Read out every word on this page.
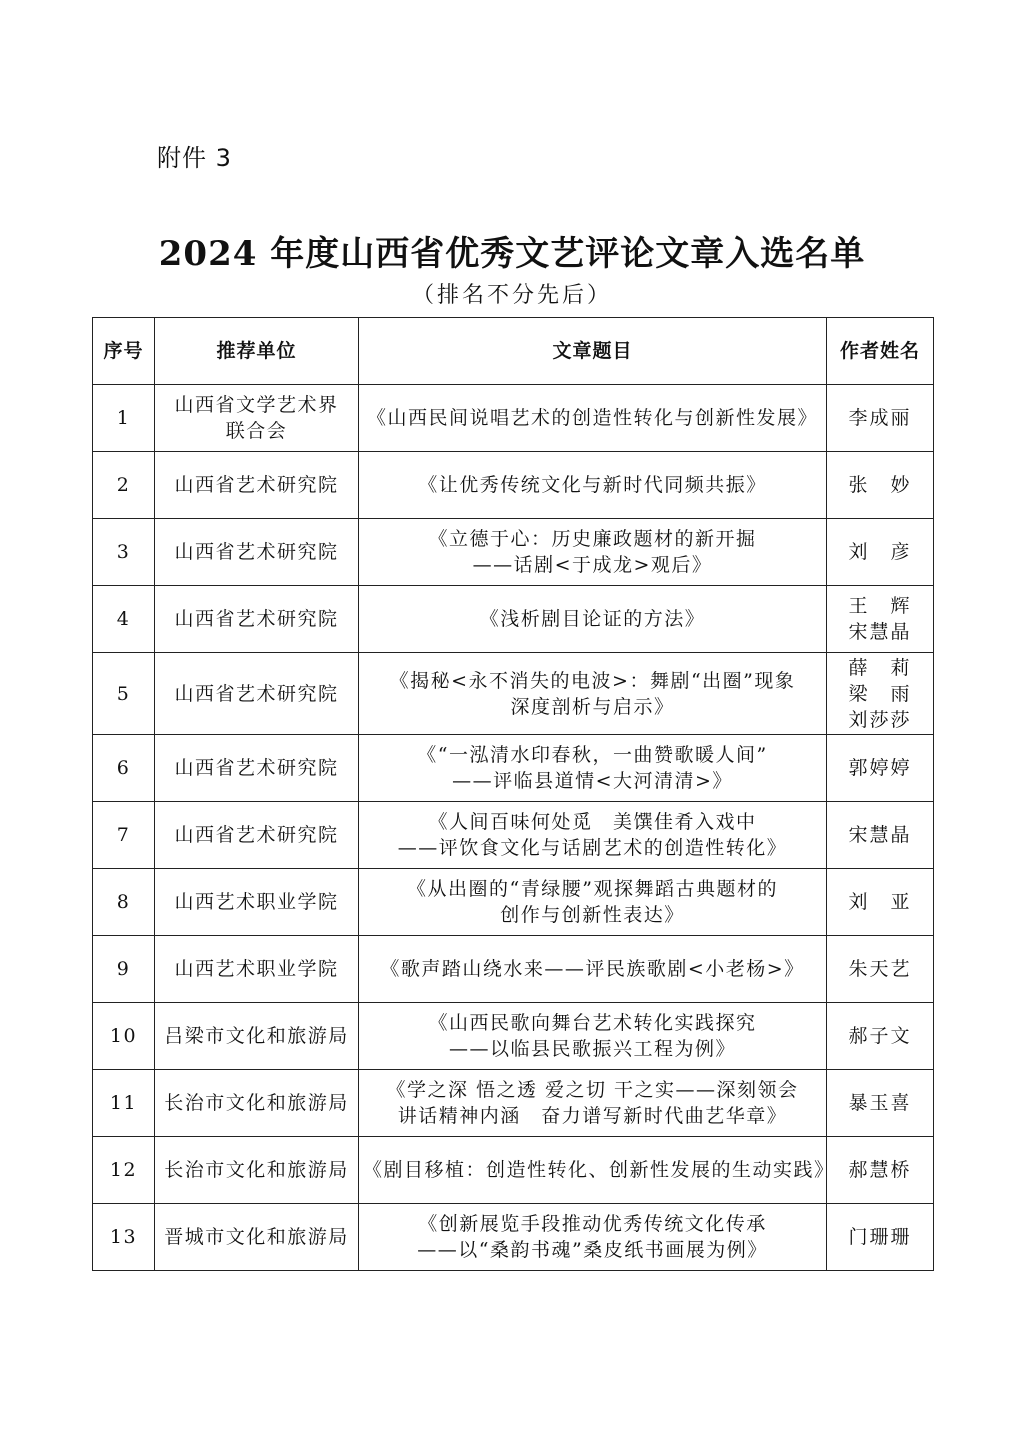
附件 3
2024 年度山西省优秀文艺评论文章入选名单
（排名不分先后）
序号	推荐单位	文章题目	作者姓名
1	山西省文学艺术界
联合会	《山西民间说唱艺术的创造性转化与创新性发展》	李成丽

2	山西省艺术研究院	《让优秀传统文化与新时代同频共振》	张　妙

3	山西省艺术研究院	《立德于心：历史廉政题材的新开掘
——话剧<于成龙>观后》	刘　彦

4	山西省艺术研究院	《浅析剧目论证的方法》	王　辉
宋慧晶

5	山西省艺术研究院	《揭秘<永不消失的电波>：舞剧“出圈”现象
深度剖析与启示》	薛　莉
梁　雨
刘莎莎

6	山西省艺术研究院	《“一泓清水印春秋，一曲赞歌暖人间”
——评临县道情<大河清清>》	郭婷婷

7	山西省艺术研究院	《人间百味何处觅　美馔佳肴入戏中
——评饮食文化与话剧艺术的创造性转化》	宋慧晶

8	山西艺术职业学院	《从出圈的“青绿腰”观探舞蹈古典题材的
创作与创新性表达》	刘　亚

9	山西艺术职业学院	《歌声踏山绕水来——评民族歌剧<小老杨>》	朱天艺

10	吕梁市文化和旅游局	《山西民歌向舞台艺术转化实践探究
——以临县民歌振兴工程为例》	郝子文

11	长治市文化和旅游局	《学之深 悟之透 爱之切 干之实——深刻领会
讲话精神内涵　奋力谱写新时代曲艺华章》	暴玉喜

12	长治市文化和旅游局	《剧目移植：创造性转化、创新性发展的生动实践》	郝慧桥

13	晋城市文化和旅游局	《创新展览手段推动优秀传统文化传承
——以“桑韵书魂”桑皮纸书画展为例》	门珊珊
